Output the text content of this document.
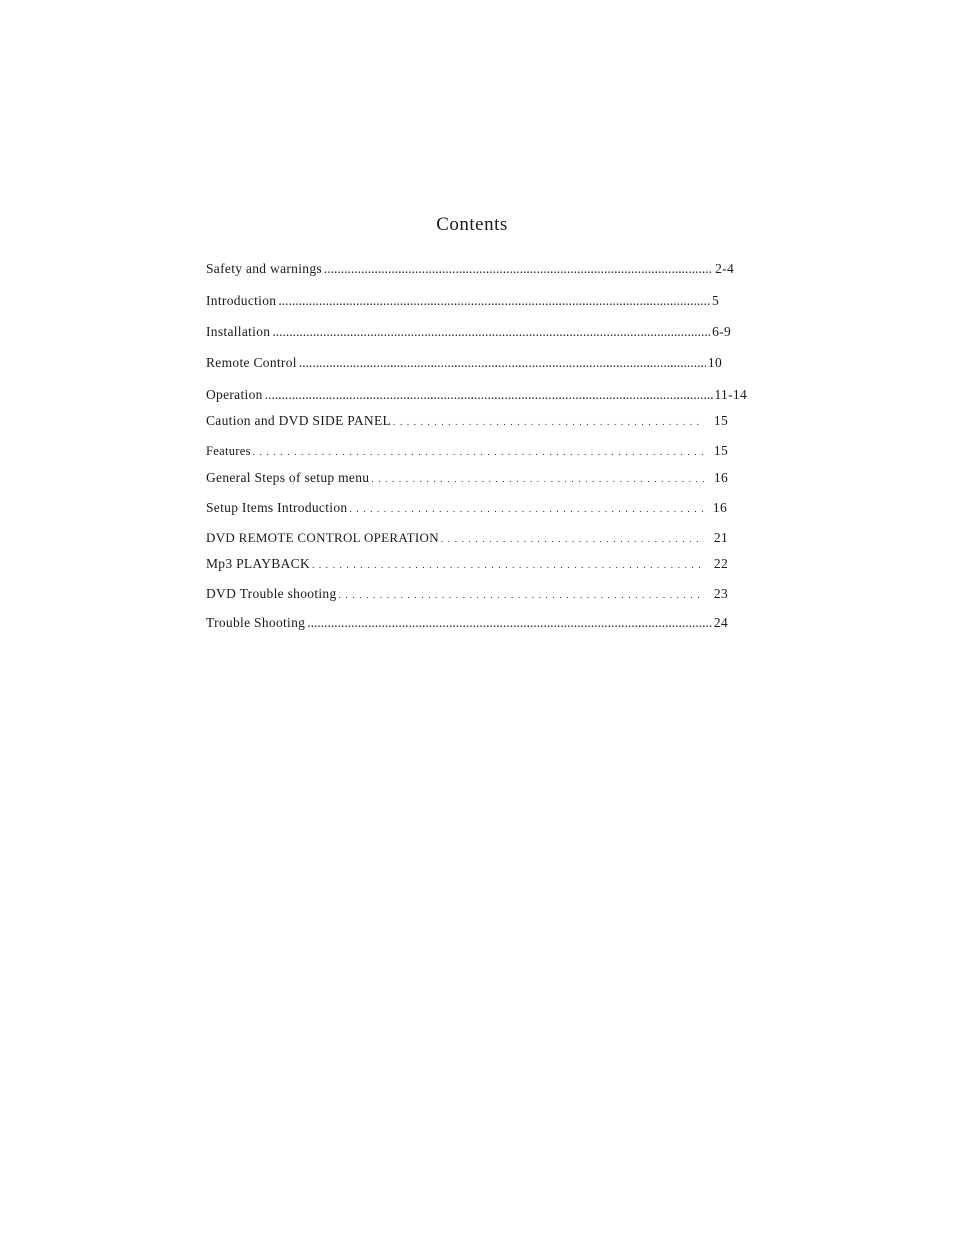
Contents
Safety and warnings .....	2-4
Introduction .....	5
Installation .....	6-9
Remote Control .....	10
Operation .....	11-14
Caution and DVD SIDE PANEL . . .	15
Features . . .	15
General Steps of setup menu . . .	16
Setup Items Introduction . . .	16
DVD REMOTE CONTROL OPERATION . . .	21
Mp3 PLAYBACK . . .	22
DVD Trouble shooting . . .	23
Trouble Shooting .....	24
